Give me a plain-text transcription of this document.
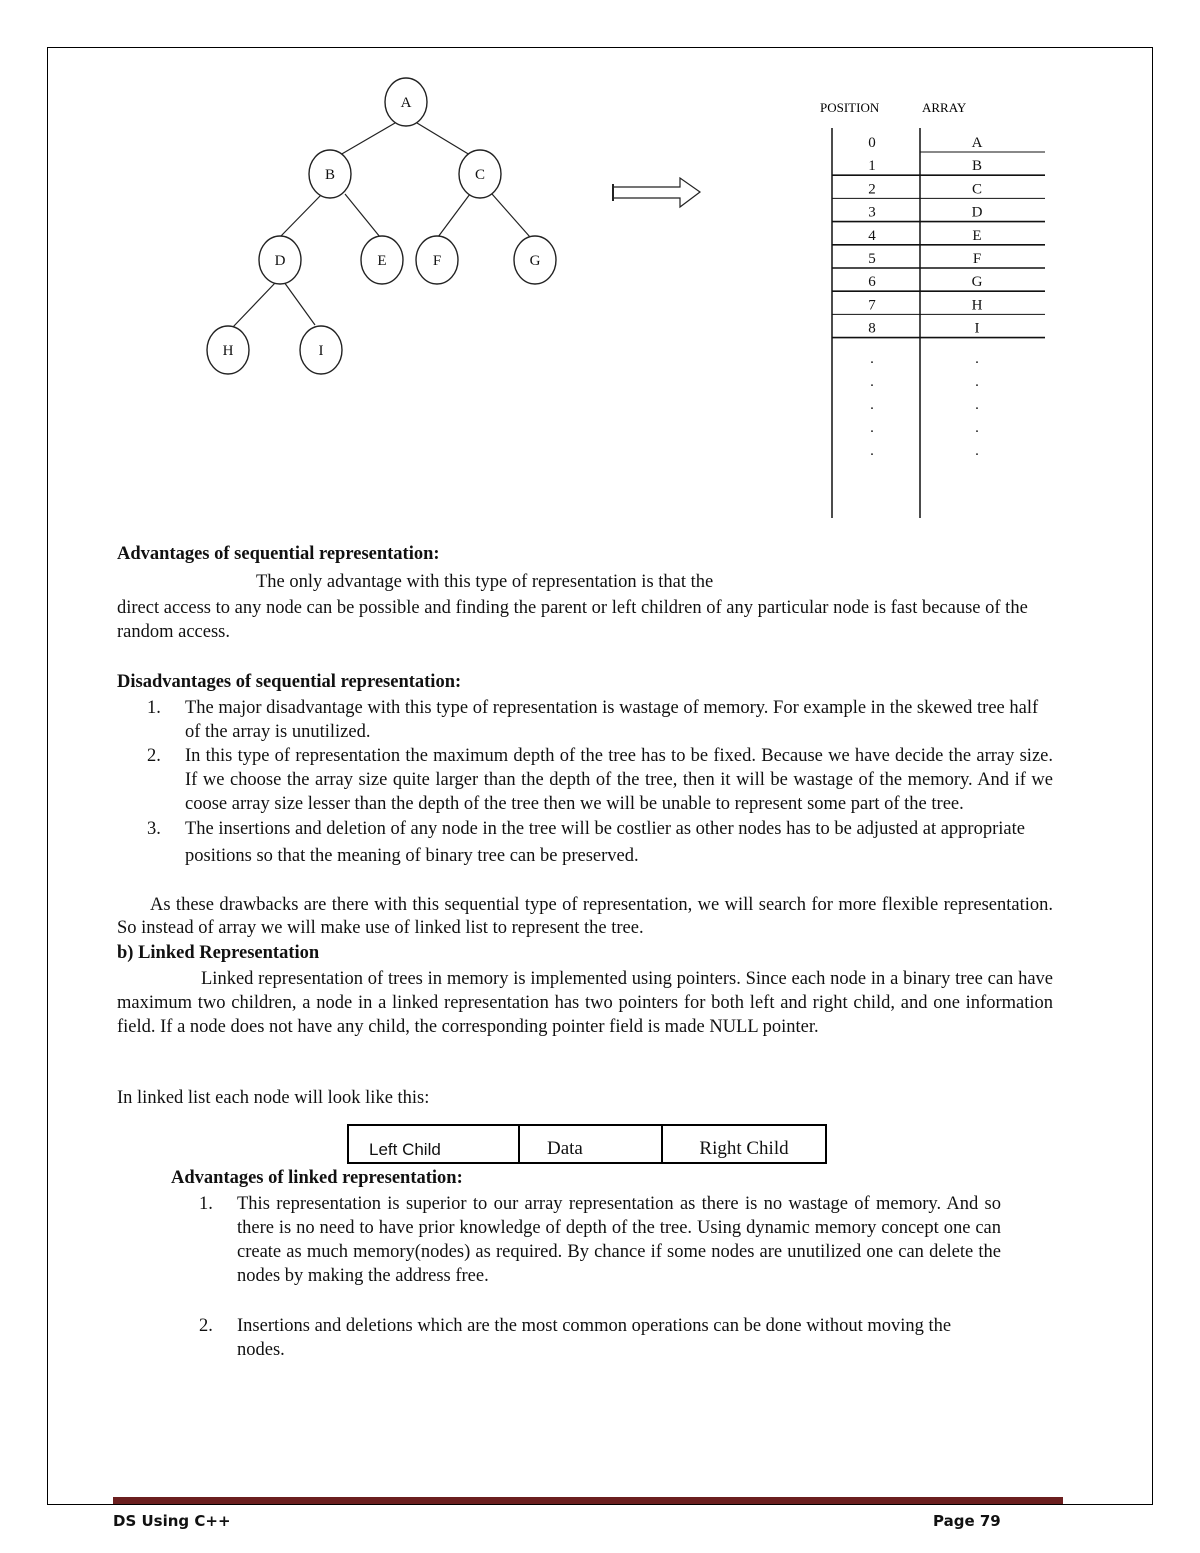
A
B	C
D	E	F	G
H	I
POSITION	ARRAY
0	A
1	B
2	C
3	D
4	E
5	F
6	G
7	H
8	I
.	.
.	.
.	.
.	.
.	.
Advantages of sequential representation:
The only advantage with this type of representation is that the
direct access to any node can be possible and finding the parent or left children of any particular node is fast because of the random access.
Disadvantages of sequential representation:
1. The major disadvantage with this type of representation is wastage of memory. For example in the skewed tree half of the array is unutilized.
2. In this type of representation the maximum depth of the tree has to be fixed. Because we have decide the array size. If we choose the array size quite larger than the depth of the tree, then it will be wastage of the memory. And if we coose array size lesser than the depth of the tree then we will be unable to represent some part of the tree.
3. The insertions and deletion of any node in the tree will be costlier as other nodes has to be adjusted at appropriate positions so that the meaning of binary tree can be preserved.
As these drawbacks are there with this sequential type of representation, we will search for more flexible representation. So instead of array we will make use of linked list to represent the tree.
b) Linked Representation
Linked representation of trees in memory is implemented using pointers. Since each node in a binary tree can have maximum two children, a node in a linked representation has two pointers for both left and right child, and one information field. If a node does not have any child, the corresponding pointer field is made NULL pointer.
In linked list each node will look like this:
Left Child	Data	Right Child
Advantages of linked representation:
1. This representation is superior to our array representation as there is no wastage of memory. And so there is no need to have prior knowledge of depth of the tree. Using dynamic memory concept one can create as much memory(nodes) as required. By chance if some nodes are unutilized one can delete the nodes by making the address free.
2. Insertions and deletions which are the most common operations can be done without moving the nodes.
DS Using C++	Page 79
